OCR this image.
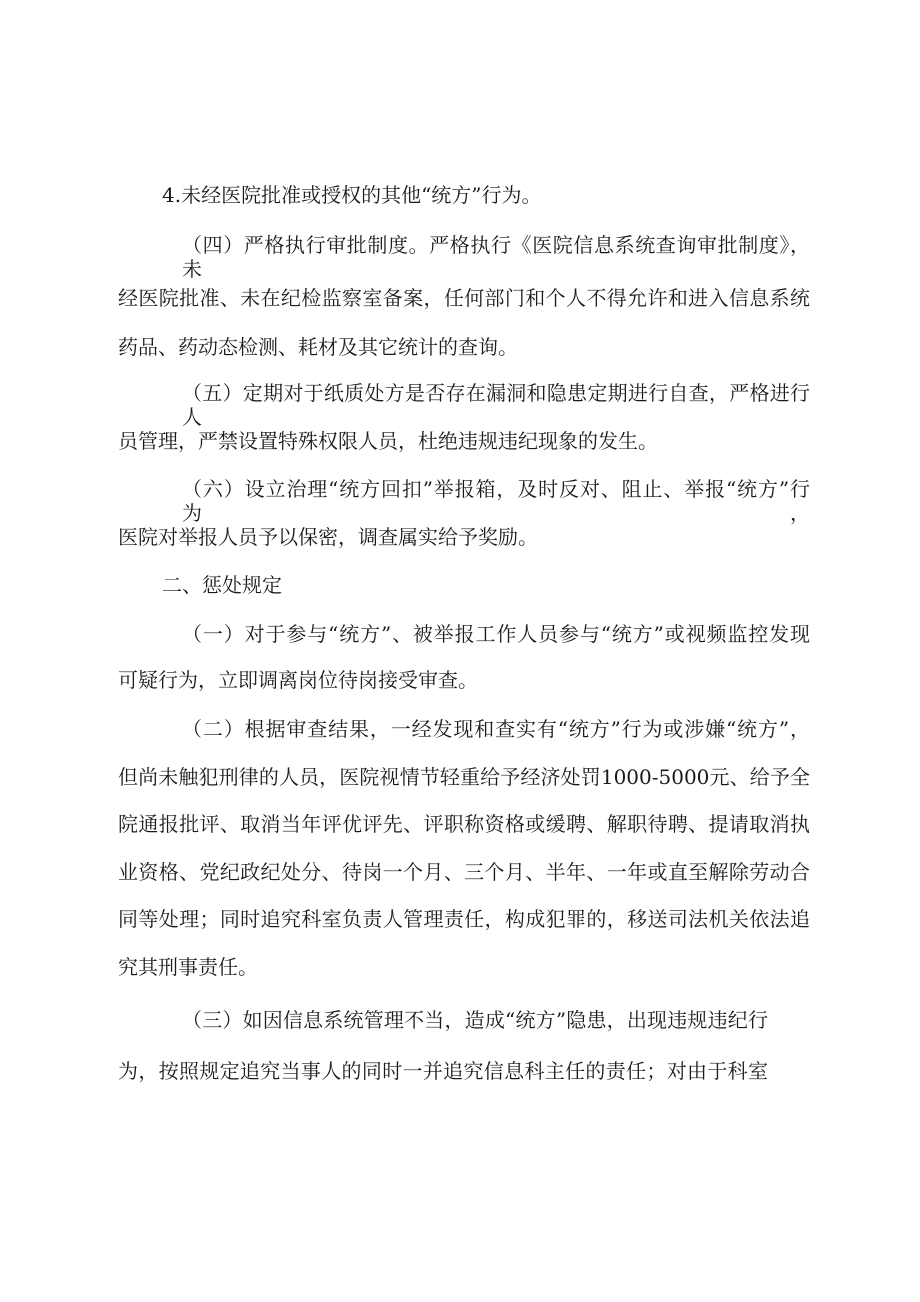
4.未经医院批准或授权的其他“统方”行为。
（四）严格执行审批制度。严格执行《医院信息系统查询审批制度》，未
经医院批准、未在纪检监察室备案，任何部门和个人不得允许和进入信息系统
药品、药动态检测、耗材及其它统计的查询。
（五）定期对于纸质处方是否存在漏洞和隐患定期进行自查，严格进行人
员管理，严禁设置特殊权限人员，杜绝违规违纪现象的发生。
（六）设立治理“统方回扣”举报箱，及时反对、阻止、举报“统方”行为，
医院对举报人员予以保密，调查属实给予奖励。
二、惩处规定
（一）对于参与“统方”、被举报工作人员参与“统方”或视频监控发现
可疑行为，立即调离岗位待岗接受审查。
（二）根据审查结果，一经发现和查实有“统方”行为或涉嫌“统方”，
但尚未触犯刑律的人员，医院视情节轻重给予经济处罚1000-5000元、给予全
院通报批评、取消当年评优评先、评职称资格或缓聘、解职待聘、提请取消执
业资格、党纪政纪处分、待岗一个月、三个月、半年、一年或直至解除劳动合
同等处理；同时追究科室负责人管理责任，构成犯罪的，移送司法机关依法追
究其刑事责任。
（三）如因信息系统管理不当，造成“统方”隐患，出现违规违纪行
为，按照规定追究当事人的同时一并追究信息科主任的责任；对由于科室
